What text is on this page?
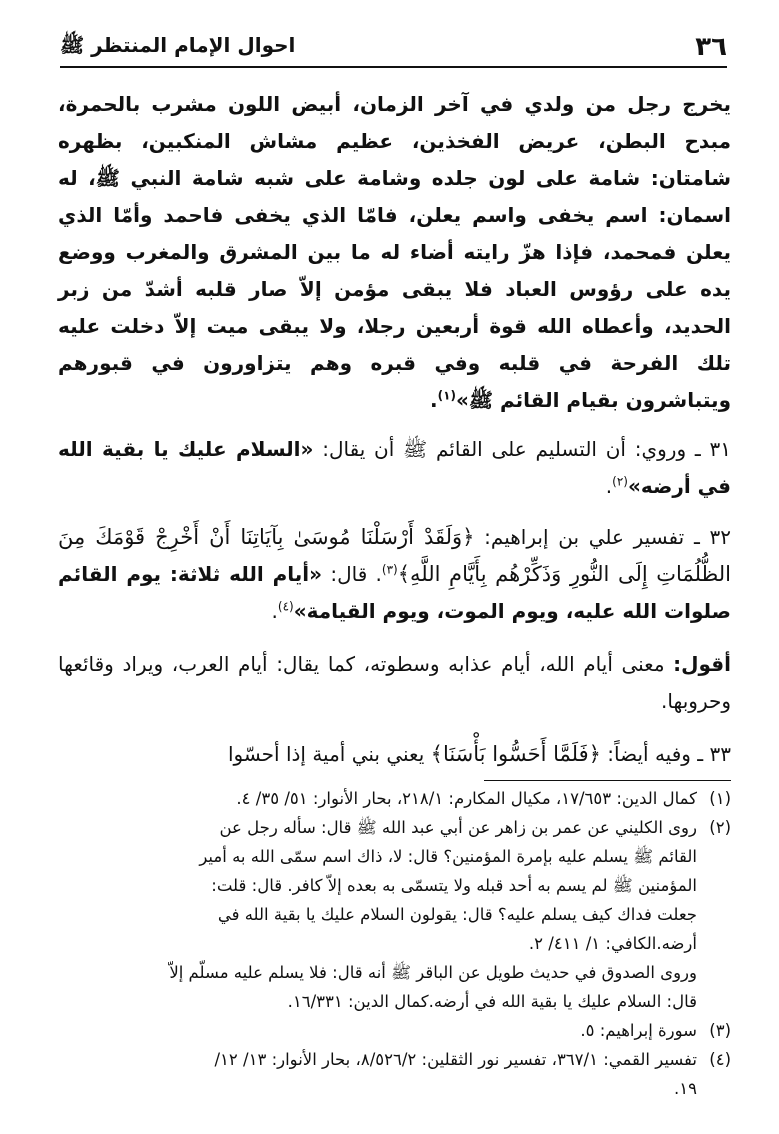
٣٦
احوال الإمام المنتظر ﷺ

يخرج رجل من ولدي في آخر الزمان، أبيض اللون مشرب بالحمرة، مبدح البطن، عريض الفخذين، عظيم مشاش المنكبين، بظهره شامتان: شامة على لون جلده وشامة على شبه شامة النبي ﷺ، له اسمان: اسم يخفى واسم يعلن، فامّا الذي يخفى فاحمد وأمّا الذي يعلن فمحمد، فإذا هزّ رايته أضاء له ما بين المشرق والمغرب ووضع يده على رؤوس العباد فلا يبقى مؤمن إلاّ صار قلبه أشدّ من زبر الحديد، وأعطاه الله قوة أربعين رجلا، ولا يبقى ميت إلاّ دخلت عليه تلك الفرحة في قلبه وفي قبره وهم يتزاورون في قبورهم ويتباشرون بقيام القائم ﷺ»$^{(١)}$.

٣١ ـ وروي: أن التسليم على القائم ﷺ أن يقال: «السلام عليك يا بقية الله في أرضه»$^{(٢)}$.

٣٢ ـ تفسير علي بن إبراهيم: ﴿وَلَقَدْ أَرْسَلْنَا مُوسَىٰ بِآيَاتِنَا أَنْ أَخْرِجْ قَوْمَكَ مِنَ الظُّلُمَاتِ إِلَى النُّورِ وَذَكِّرْهُم بِأَيَّامِ اللَّهِ﴾$^{(٣)}$. قال: «أيام الله ثلاثة: يوم القائم صلوات الله عليه، ويوم الموت، ويوم القيامة»$^{(٤)}$.

أقول: معنى أيام الله، أيام عذابه وسطوته، كما يقال: أيام العرب، ويراد وقائعها وحروبها.

٣٣ ـ وفيه أيضاً: ﴿فَلَمَّا أَحَسُّوا بَأْسَنَا﴾ يعني بني أمية إذا أحسّوا

(١)
كمال الدين: ١٧/٦٥٣، مكيال المكارم: ٢١٨/١، بحار الأنوار: ٥١/ ٣٥/ ٤.
(٢)
روى الكليني عن عمر بن زاهر عن أبي عبد الله ﷺ قال: سأله رجل عن
القائم ﷺ يسلم عليه بإمرة المؤمنين؟ قال: لا، ذاك اسم سمّى الله به أمير
المؤمنين ﷺ لم يسم به أحد قبله ولا يتسمّى به بعده إلاّ كافر. قال: قلت:
جعلت فداك كيف يسلم عليه؟ قال: يقولون السلام عليك يا بقية الله في
أرضه.الكافي: ١/ ٤١١/ ٢.
وروى الصدوق في حديث طويل عن الباقر ﷺ أنه قال: فلا يسلم عليه مسلّم إلاّ
قال: السلام عليك يا بقية الله في أرضه.كمال الدين: ١٦/٣٣١.
(٣)
سورة إبراهيم: ٥.
(٤)
تفسير القمي: ٣٦٧/١، تفسير نور الثقلين: ٨/٥٢٦/٢، بحار الأنوار: ١٣/ ١٢/
١٩.
